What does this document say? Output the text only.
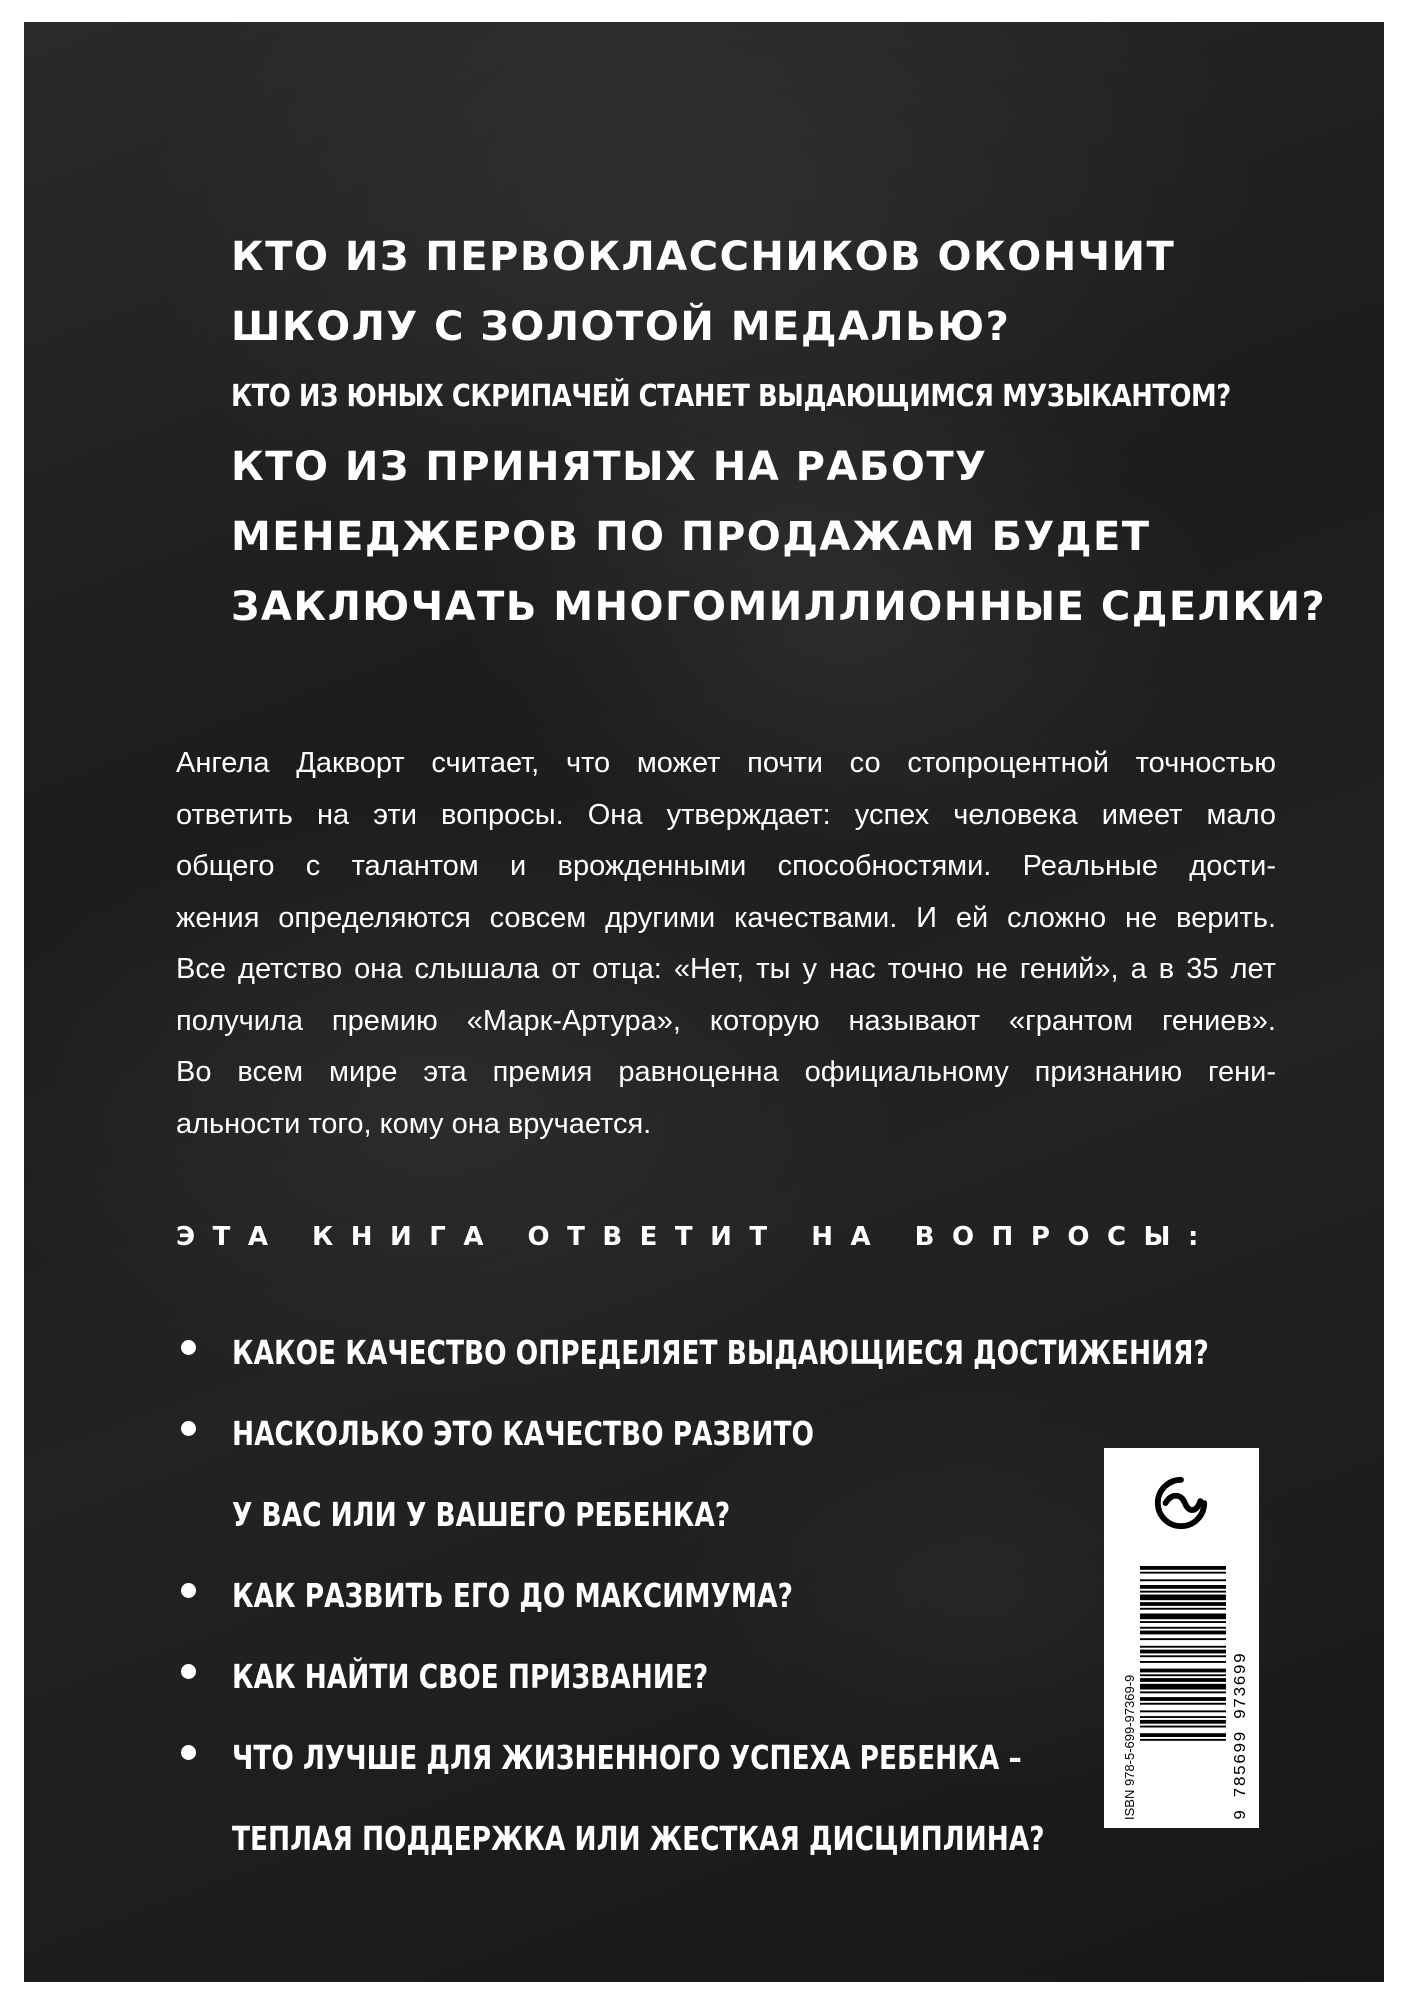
КТО ИЗ ПЕРВОКЛАССНИКОВ ОКОНЧИТ

ШКОЛУ С ЗОЛОТОЙ МЕДАЛЬЮ?

КТО ИЗ ЮНЫХ СКРИПАЧЕЙ СТАНЕТ ВЫДАЮЩИМСЯ МУЗЫКАНТОМ?

КТО ИЗ ПРИНЯТЫХ НА РАБОТУ

МЕНЕДЖЕРОВ ПО ПРОДАЖАМ БУДЕТ

ЗАКЛЮЧАТЬ МНОГОМИЛЛИОННЫЕ СДЕЛКИ?

Ангела Дакворт считает, что может почти со стопроцентной точностью
ответить на эти вопросы. Она утверждает: успех человека имеет мало
общего с талантом и врожденными способностями. Реальные дости-
жения определяются совсем другими качествами. И ей сложно не верить.
Все детство она слышала от отца: «Нет, ты у нас точно не гений», а в 35 лет
получила премию «Марк-Артура», которую называют «грантом гениев».
Во всем мире эта премия равноценна официальному признанию гени-
альности того, кому она вручается.
ЭТА КНИГА ОТВЕТИТ НА ВОПРОСЫ:
КАКОЕ КАЧЕСТВО ОПРЕДЕЛЯЕТ ВЫДАЮЩИЕСЯ ДОСТИЖЕНИЯ?
НАСКОЛЬКО ЭТО КАЧЕСТВО РАЗВИТО
У ВАС ИЛИ У ВАШЕГО РЕБЕНКА?
КАК РАЗВИТЬ ЕГО ДО МАКСИМУМА?
КАК НАЙТИ СВОЕ ПРИЗВАНИЕ?
ЧТО ЛУЧШЕ ДЛЯ ЖИЗНЕННОГО УСПЕХА РЕБЕНКА –
ТЕПЛАЯ ПОДДЕРЖКА ИЛИ ЖЕСТКАЯ ДИСЦИПЛИНА?
ISBN 978-5-699-97369-9	9 785699 973699
